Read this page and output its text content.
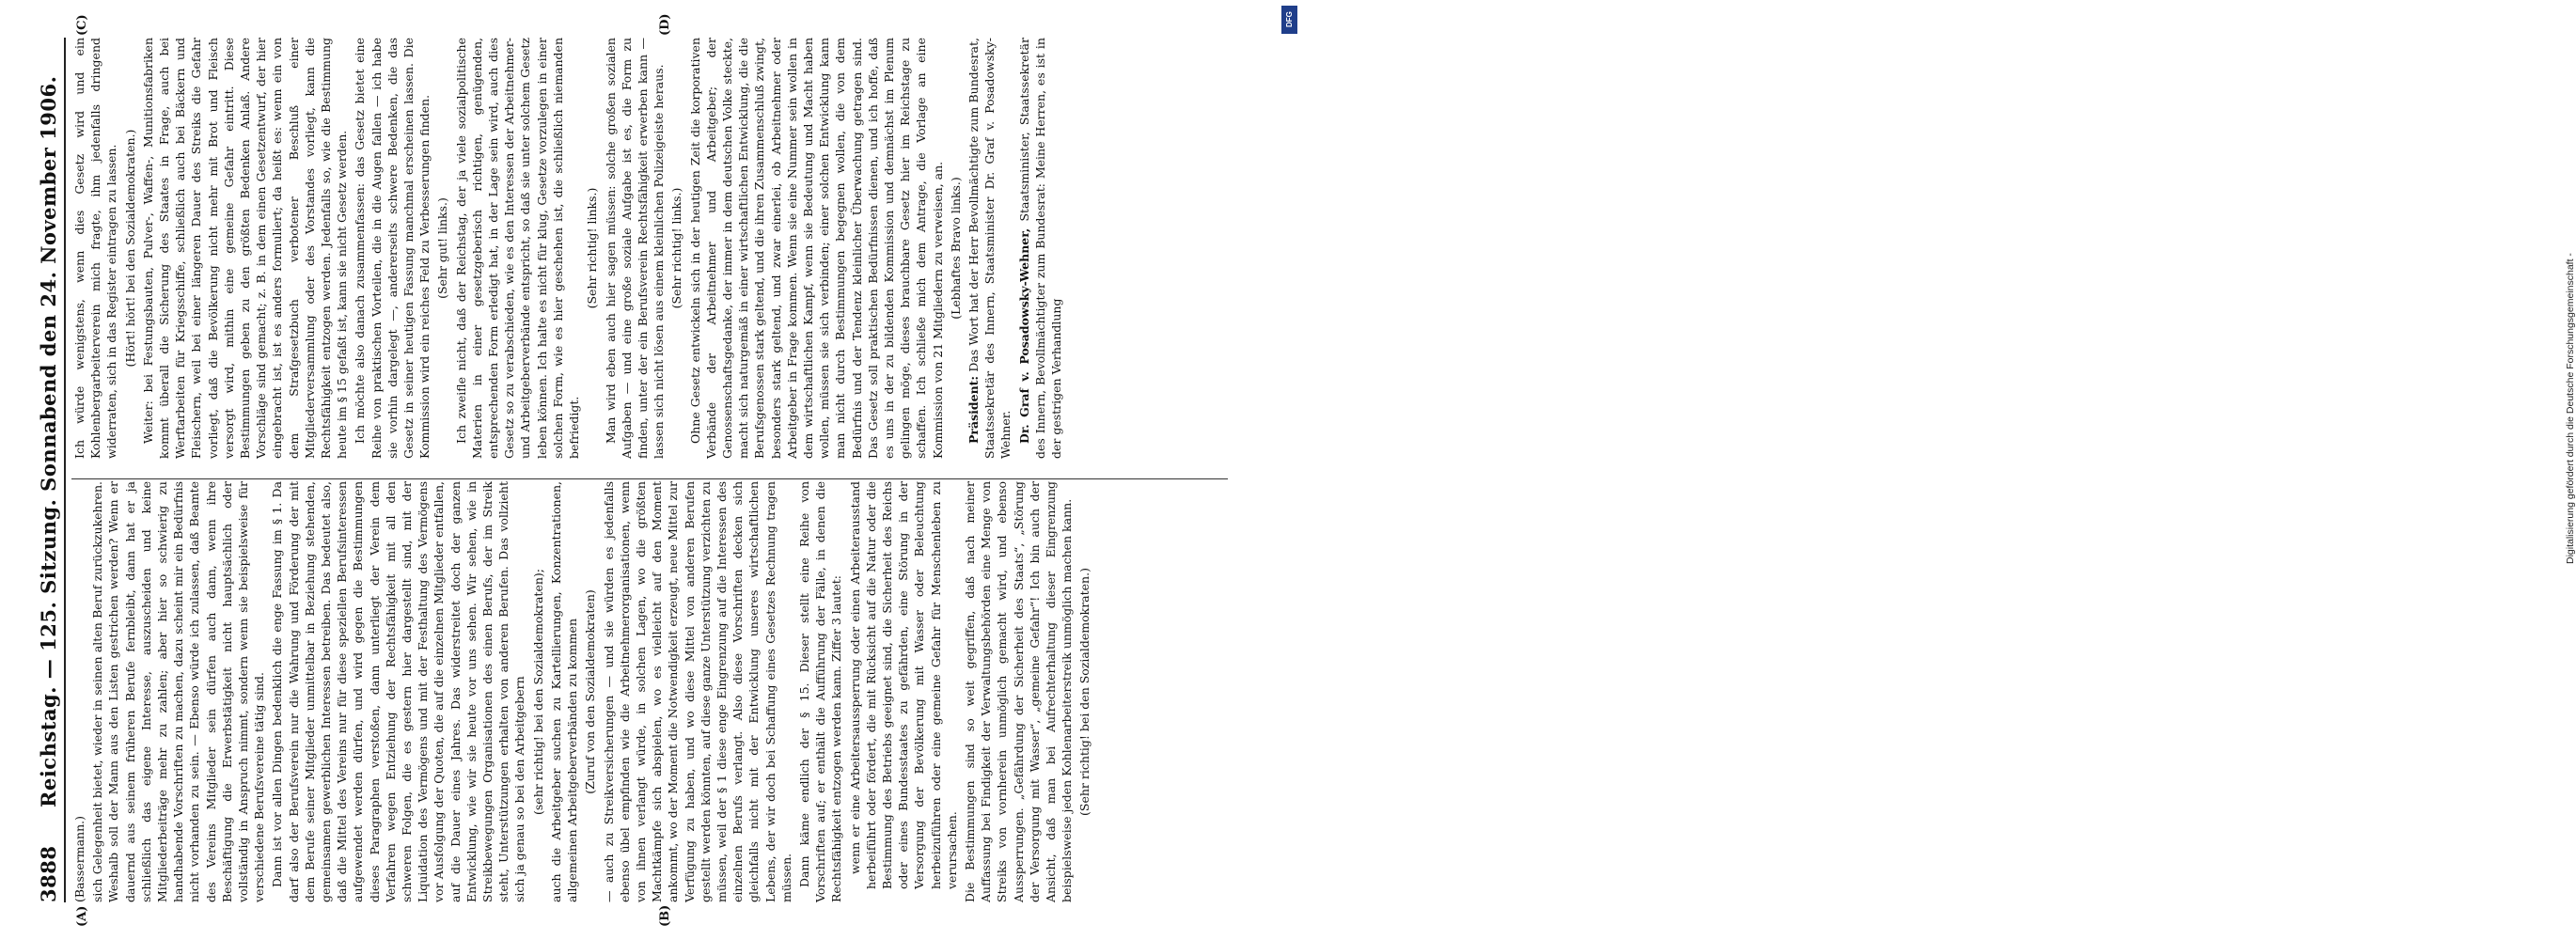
3888
Reichstag. — 125. Sitzung. Sonnabend den 24. November 1906.
(A)	(B)
(C)	(D)

(Bassermann.) sich Gelegenheit bietet, wieder in seinen alten Beruf zurückzukehren. Weshalb soll der Mann aus den Listen gestrichen werden? Wenn er dauernd aus seinem früheren Berufe fernbleibt, dann hat er ja schließlich das eigene Interesse, auszuscheiden und keine Mitgliederbeiträge mehr zu zahlen; aber hier so schwierig zu handhabende Vorschriften zu machen, dazu scheint mir ein Bedürfnis nicht vorhanden zu sein. — Ebenso würde ich zulassen, daß Beamte des Vereins Mitglieder sein dürfen auch dann, wenn ihre Beschäftigung die Erwerbstätigkeit nicht hauptsächlich oder vollständig in Anspruch nimmt, sondern wenn sie beispielsweise für verschiedene Berufsvereine tätig sind. Dann ist vor allen Dingen bedenklich die enge Fassung im § 1. Da darf also der Berufsverein nur die Wahrung und Förderung der mit dem Berufe seiner Mitglieder unmittelbar in Beziehung stehenden, gemeinsamen gewerblichen Interessen betreiben. Das bedeutet also, daß die Mittel des Vereins nur für diese speziellen Berufsinteressen aufgewendet werden dürfen, und wird gegen die Bestimmungen dieses Paragraphen verstoßen, dann unterliegt der Verein dem Verfahren wegen Entziehung der Rechtsfähigkeit mit all den schweren Folgen, die es gestern hier dargestellt sind, mit der Liquidation des Vermögens und mit der Festhaltung des Vermögens vor Ausfolgung der Quoten, die auf die einzelnen Mitglieder entfallen, auf die Dauer eines Jahres. Das widerstreitet doch der ganzen Entwicklung, wie wir sie heute vor uns sehen. Wir sehen, wie in Streikbewegungen Organisationen des einen Berufs, der im Streik steht, Unterstützungen erhalten von anderen Berufen. Das vollzieht sich ja genau so bei den Arbeitgebern (sehr richtig! bei den Sozialdemokraten); auch die Arbeitgeber suchen zu Kartellierungen, Konzentrationen, allgemeinen Arbeitgeberverbänden zu kommen (Zuruf von den Sozialdemokraten) — auch zu Streikversicherungen — und sie würden es jedenfalls ebenso übel empfinden wie die Arbeitnehmerorganisationen, wenn von ihnen verlangt würde, in solchen Lagen, wo die größten Machtkämpfe sich abspielen, wo es vielleicht auf den Moment ankommt, wo der Moment die Notwendigkeit erzeugt, neue Mittel zur Verfügung zu haben, und wo diese Mittel von anderen Berufen gestellt werden könnten, auf diese ganze Unterstützung verzichten zu müssen, weil der § 1 diese enge Eingrenzung auf die Interessen des einzelnen Berufs verlangt. Also diese Vorschriften decken sich gleichfalls nicht mit der Entwicklung unseres wirtschaftlichen Lebens, der wir doch bei Schaffung eines Gesetzes Rechnung tragen müssen. Dann käme endlich der § 15. Dieser stellt eine Reihe von Vorschriften auf; er enthält die Aufführung der Fälle, in denen die Rechtsfähigkeit entzogen werden kann. Ziffer 3 lautet: wenn er eine Arbeitersaussperrung oder einen Arbeiterausstand herbeiführt oder fördert, die mit Rücksicht auf die Natur oder die Bestimmung des Betriebs geeignet sind, die Sicherheit des Reichs oder eines Bundesstaates zu gefährden, eine Störung in der Versorgung der Bevölkerung mit Wasser oder Beleuchtung herbeizuführen oder eine gemeine Gefahr für Menschenleben zu verursachen. Die Bestimmungen sind so weit gegriffen, daß nach meiner Auffassung bei Findigkeit der Verwaltungsbehörden eine Menge von Streiks von vornherein unmöglich gemacht wird, und ebenso Aussperrungen. „Gefährdung der Sicherheit des Staats“, „Störung der Versorgung mit Wasser“, „gemeine Gefahr“! Ich bin auch der Ansicht, daß man bei Aufrechterhaltung dieser Eingrenzung beispielsweise jeden Kohlenarbeiterstreik unmöglich machen kann. (Sehr richtig! bei den Sozialdemokraten.)

Ich würde wenigstens, wenn dies Gesetz wird und ein Kohlenbergarbeiterverein mich fragte, ihm jedenfalls dringend widerraten, sich in das Register eintragen zu lassen. (Hört! hört! bei den Sozialdemokraten.) Weiter: bei Festungsbauten, Pulver-, Waffen-, Munitionsfabriken kommt überall die Sicherung des Staates in Frage, auch bei Werftarbeiten für Kriegsschiffe, schließlich auch bei Bäckern und Fleischern, weil bei einer längeren Dauer des Streiks die Gefahr vorliegt, daß die Bevölkerung nicht mehr mit Brot und Fleisch versorgt wird, mithin eine gemeine Gefahr eintritt. Diese Bestimmungen geben zu den größten Bedenken Anlaß. Andere Vorschläge sind gemacht; z. B. in dem einen Gesetzentwurf, der hier eingebracht ist, ist es anders formuliert; da heißt es: wenn ein von dem Strafgesetzbuch verbotener Beschluß einer Mitgliederversammlung oder des Vorstandes vorliegt, kann die Rechtsfähigkeit entzogen werden. Jedenfalls so, wie die Bestimmung heute im § 15 gefaßt ist, kann sie nicht Gesetz werden. Ich möchte also danach zusammenfassen: das Gesetz bietet eine Reihe von praktischen Vorteilen, die in die Augen fallen — ich habe sie vorhin dargelegt —, andererseits schwere Bedenken, die das Gesetz in seiner heutigen Fassung manchmal erscheinen lassen. Die Kommission wird ein reiches Feld zu Verbesserungen finden. (Sehr gut! links.) Ich zweifle nicht, daß der Reichstag, der ja viele sozialpolitische Materien in einer gesetzgeberisch richtigen, genügenden, entsprechenden Form erledigt hat, in der Lage sein wird, auch dies Gesetz so zu verabschieden, wie es den Interessen der Arbeitnehmer- und Arbeitgeberverbände entspricht, so daß sie unter solchem Gesetz leben können. Ich halte es nicht für klug, Gesetze vorzulegen in einer solchen Form, wie es hier geschehen ist, die schließlich niemanden befriedigt.

(Sehr richtig! links.) Man wird eben auch hier sagen müssen: solche großen sozialen Aufgaben — und eine große soziale Aufgabe ist es, die Form zu finden, unter der ein Berufsverein Rechtsfähigkeit erwerben kann — lassen sich nicht lösen aus einem kleinlichen Polizeigeiste heraus. (Sehr richtig! links.) Ohne Gesetz entwickeln sich in der heutigen Zeit die korporativen Verbände der Arbeitnehmer und Arbeitgeber; der Genossenschaftsgedanke, der immer in dem deutschen Volke steckte, macht sich naturgemäß in einer wirtschaftlichen Entwicklung, die die Berufsgenossen stark geltend, und die ihren Zusammenschluß zwingt, besonders stark geltend, und zwar einerlei, ob Arbeitnehmer oder Arbeitgeber in Frage kommen. Wenn sie eine Nummer sein wollen in dem wirtschaftlichen Kampf, wenn sie Bedeutung und Macht haben wollen, müssen sie sich verbinden; einer solchen Entwicklung kann man nicht durch Bestimmungen begegnen wollen, die von dem Bedürfnis und der Tendenz kleinlicher Überwachung getragen sind. Das Gesetz soll praktischen Bedürfnissen dienen, und ich hoffe, daß es uns in der zu bildenden Kommission und demnächst im Plenum gelingen möge, dieses brauchbare Gesetz hier im Reichstage zu schaffen. Ich schließe mich dem Antrage, die Vorlage an eine Kommission von 21 Mitgliedern zu verweisen, an. (Lebhaftes Bravo links.)

Präsident: Das Wort hat der Herr Bevollmächtigte zum Bundesrat, Staatssekretär des Innern, Staatsminister Dr. Graf v. Posadowsky-Wehner. Dr. Graf v. Posadowsky-Wehner, Staatsminister, Staatssekretär des Innern, Bevollmächtigter zum Bundesrat: Meine Herren, es ist in der gestrigen Verhandlung

DFG
Digitalisierung gefördert durch die Deutsche Forschungsgemeinschaft -
